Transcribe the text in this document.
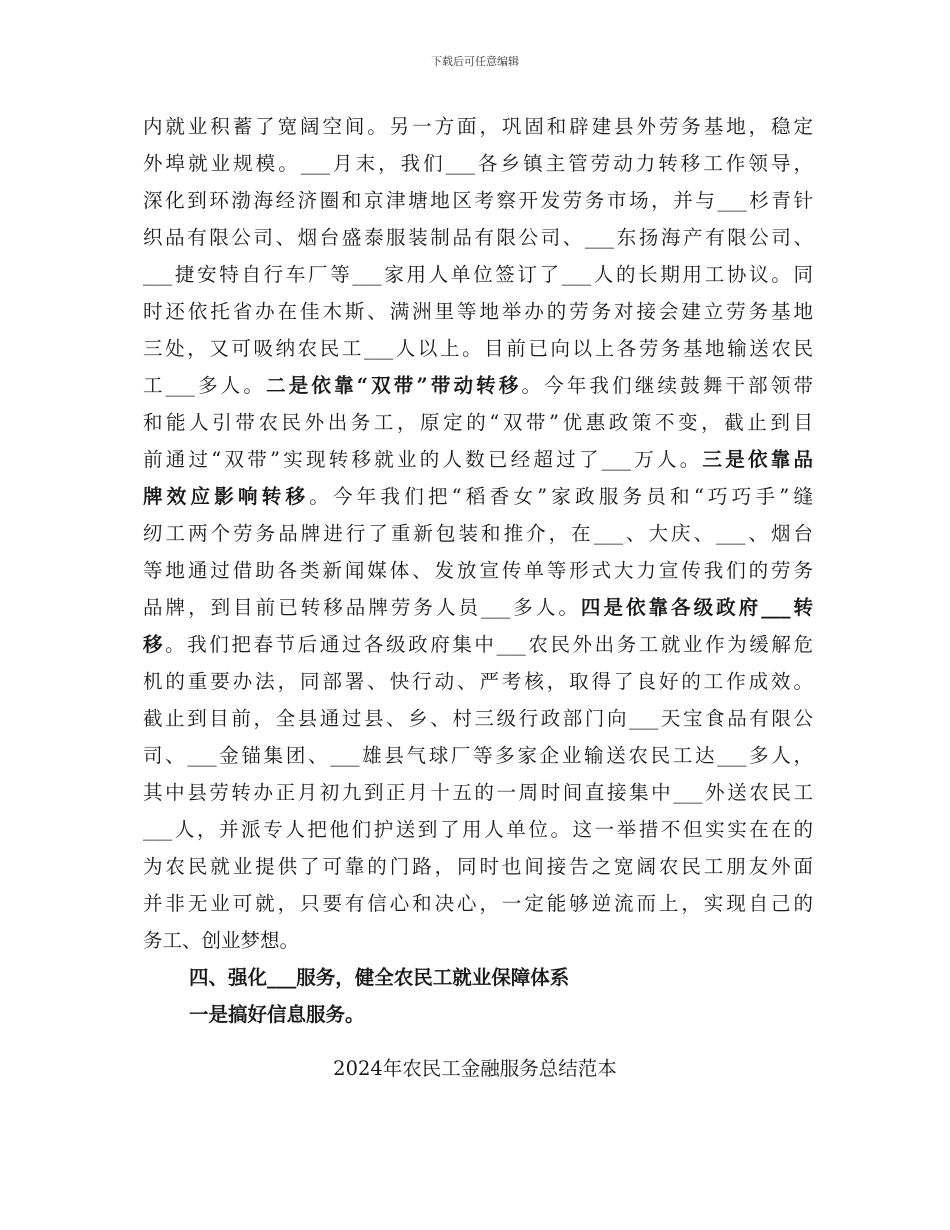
下载后可任意编辑
内就业积蓄了宽阔空间。另一方面，巩固和辟建县外劳务基地，稳定
外埠就业规模。___月末，我们___各乡镇主管劳动力转移工作领导，
深化到环渤海经济圈和京津塘地区考察开发劳务市场，并与___杉青针
织品有限公司、烟台盛泰服装制品有限公司、___东扬海产有限公司、
___捷安特自行车厂等___家用人单位签订了___人的长期用工协议。同
时还依托省办在佳木斯、满洲里等地举办的劳务对接会建立劳务基地
三处，又可吸纳农民工___人以上。目前已向以上各劳务基地输送农民
工___多人。二是依靠“双带”带动转移。今年我们继续鼓舞干部领带
和能人引带农民外出务工，原定的“双带”优惠政策不变，截止到目
前通过“双带”实现转移就业的人数已经超过了___万人。三是依靠品
牌效应影响转移。今年我们把“稻香女”家政服务员和“巧巧手”缝
纫工两个劳务品牌进行了重新包装和推介，在___、大庆、___、烟台
等地通过借助各类新闻媒体、发放宣传单等形式大力宣传我们的劳务
品牌，到目前已转移品牌劳务人员___多人。四是依靠各级政府___转
移。我们把春节后通过各级政府集中___农民外出务工就业作为缓解危
机的重要办法，同部署、快行动、严考核，取得了良好的工作成效。
截止到目前，全县通过县、乡、村三级行政部门向___天宝食品有限公
司、___金锚集团、___雄县气球厂等多家企业输送农民工达___多人，
其中县劳转办正月初九到正月十五的一周时间直接集中___外送农民工
___人，并派专人把他们护送到了用人单位。这一举措不但实实在在的
为农民就业提供了可靠的门路，同时也间接告之宽阔农民工朋友外面
并非无业可就，只要有信心和决心，一定能够逆流而上，实现自己的
务工、创业梦想。
四、强化___服务，健全农民工就业保障体系
一是搞好信息服务。
2024年农民工金融服务总结范本
